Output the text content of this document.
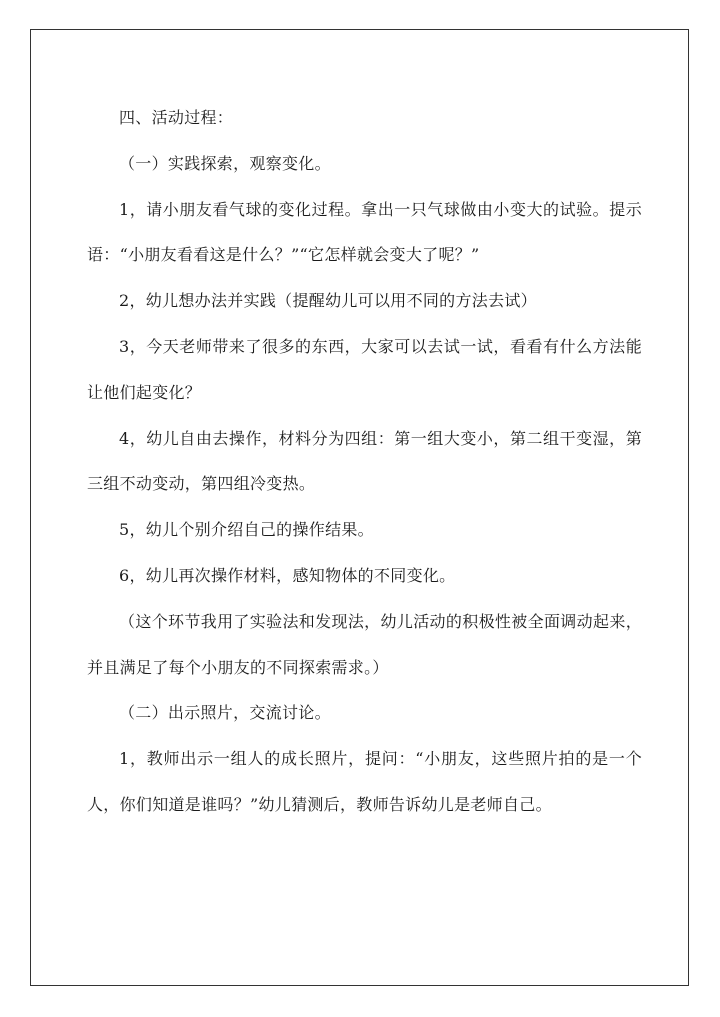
四、活动过程：

（一）实践探索，观察变化。

1，请小朋友看气球的变化过程。拿出一只气球做由小变大的试验。提示语：“小朋友看看这是什么？”“它怎样就会变大了呢？”

2，幼儿想办法并实践（提醒幼儿可以用不同的方法去试）

3，今天老师带来了很多的东西，大家可以去试一试，看看有什么方法能让他们起变化？

4，幼儿自由去操作，材料分为四组：第一组大变小，第二组干变湿，第三组不动变动，第四组冷变热。

5，幼儿个别介绍自己的操作结果。

6，幼儿再次操作材料，感知物体的不同变化。

（这个环节我用了实验法和发现法，幼儿活动的积极性被全面调动起来，并且满足了每个小朋友的不同探索需求。）

（二）出示照片，交流讨论。

1，教师出示一组人的成长照片，提问：“小朋友，这些照片拍的是一个人，你们知道是谁吗？”幼儿猜测后，教师告诉幼儿是老师自己。
